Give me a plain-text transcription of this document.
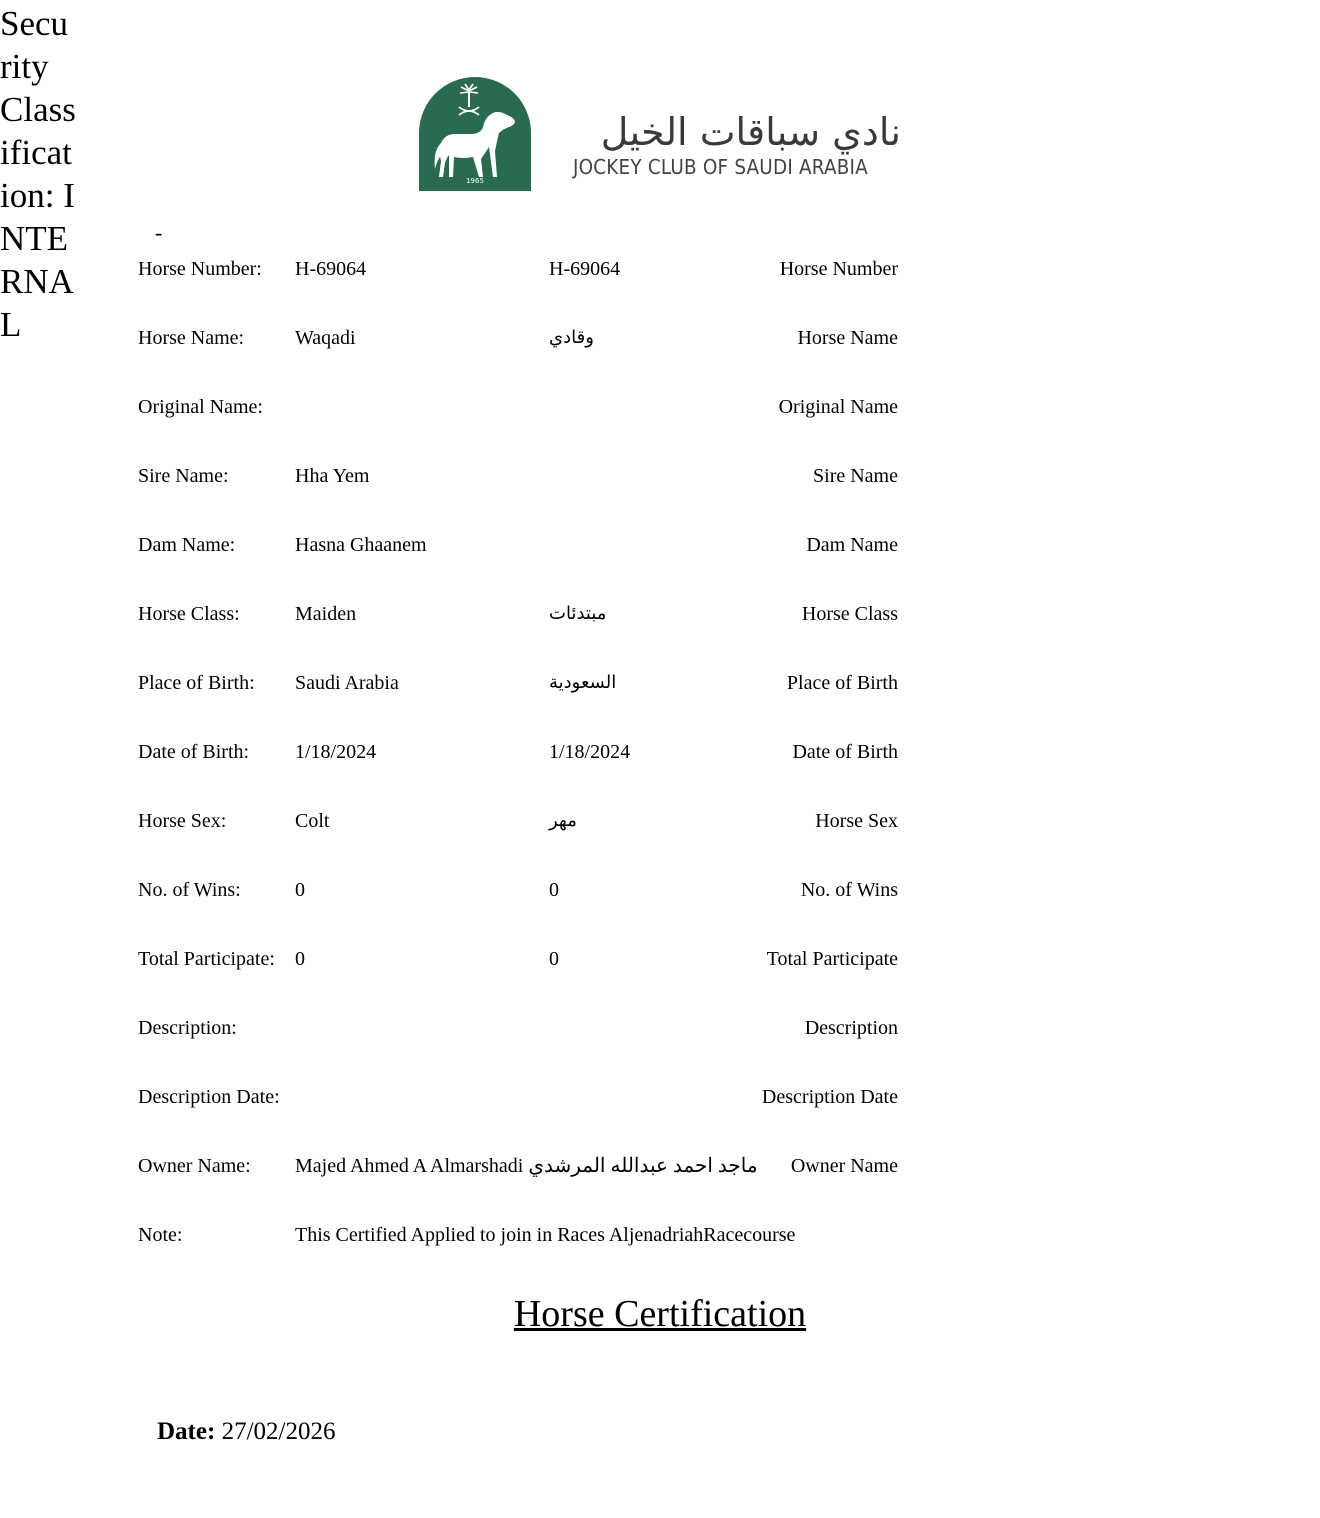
Security Classification: INTERNAL
1965
نادي سباقات الخيل
JOCKEY CLUB OF SAUDI ARABIA
-
Horse Number: H-69064	H-69064	Horse Number
Horse Name:	Waqadi	وقادي	Horse Name
Original Name:	Original Name
Sire Name:	Hha Yem	Sire Name
Dam Name:	Hasna Ghaanem	Dam Name
Horse Class:	Maiden	مبتدئات	Horse Class
Place of Birth: Saudi Arabia	السعودية	Place of Birth
Date of Birth: 1/18/2024	1/18/2024	Date of Birth
Horse Sex:	Colt	مهر	Horse Sex
No. of Wins:	0	0	No. of Wins
Total Participate: 0	0	Total Participate
Description:	Description
Description Date:	Description Date
Owner Name: Majed Ahmed A Almarshadi ماجد احمد عبدالله المرشدي Owner Name
Note:	This Certified Applied to join in Races AljenadriahRacecourse
Horse Certification
Date: 27/02/2026
